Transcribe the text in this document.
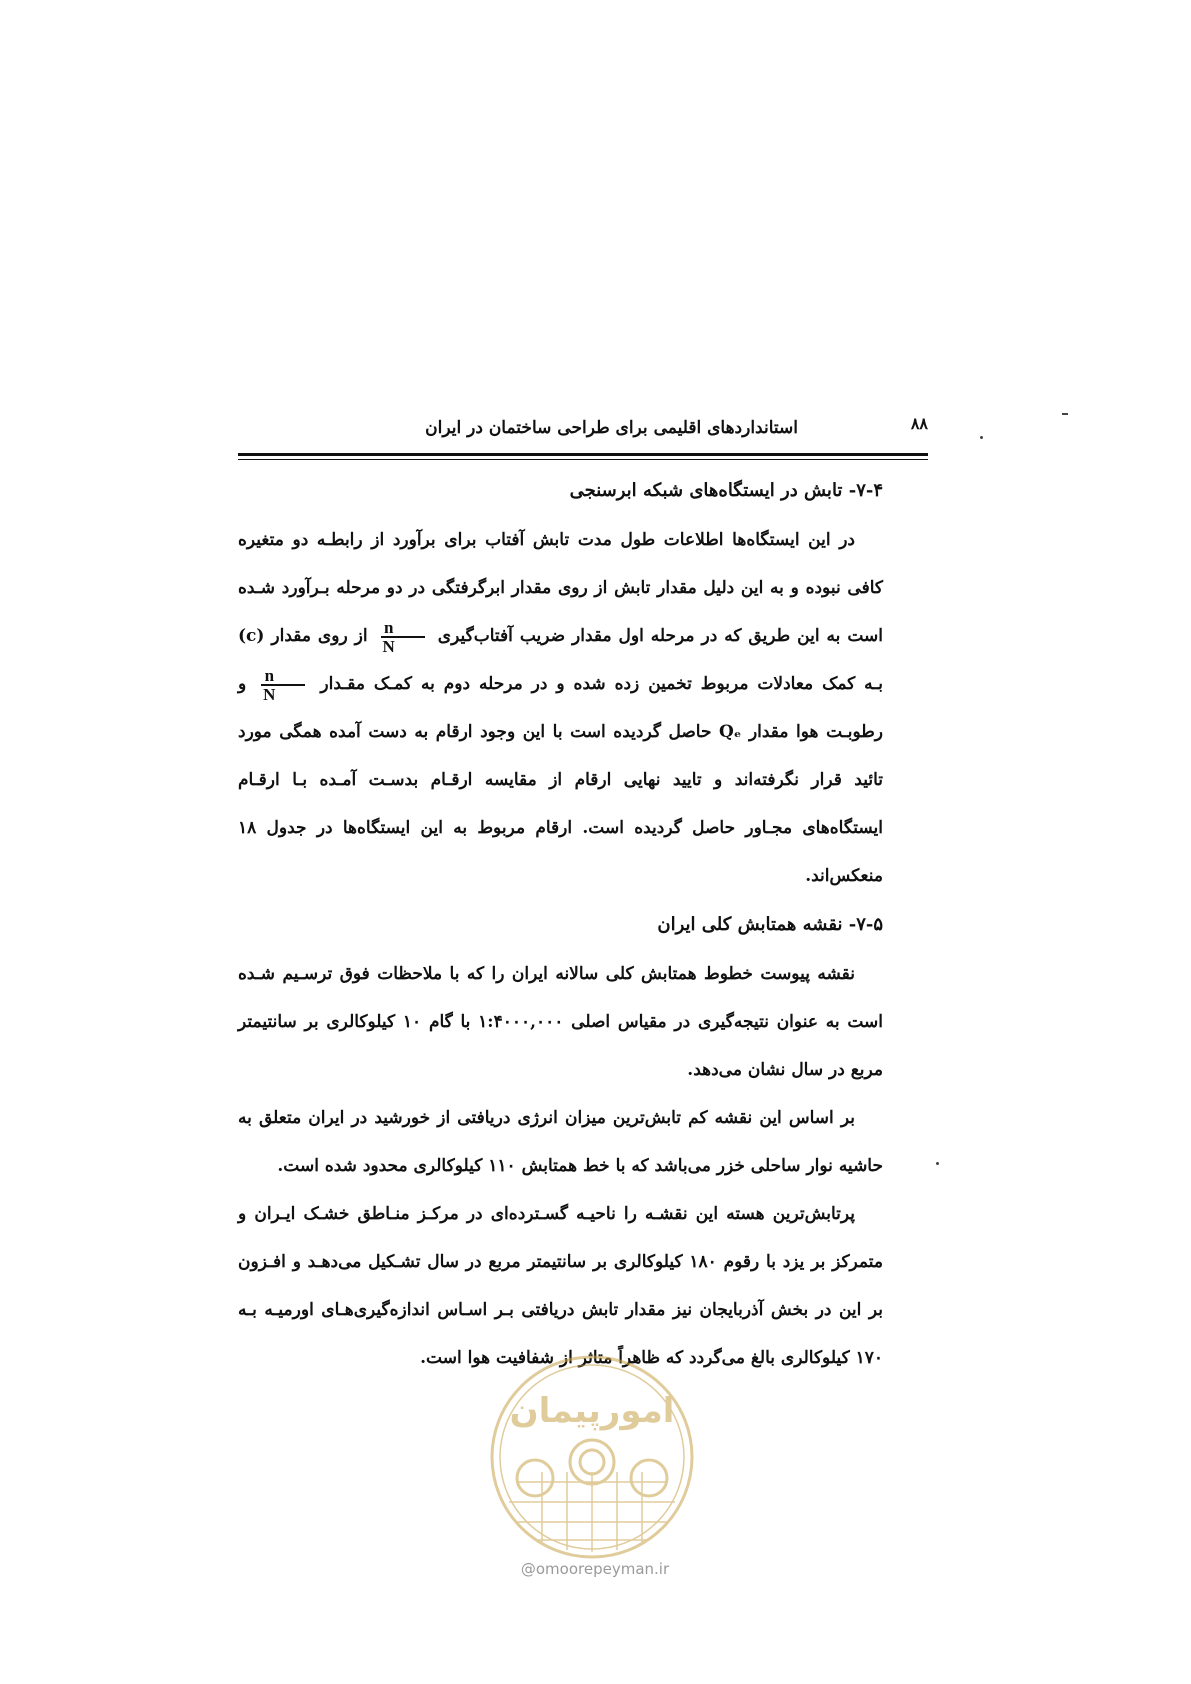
استانداردهای اقلیمی برای طراحی ساختمان در ایران	۸۸
۷-۴- تابش در ایستگاه‌های شبکه ابرسنجی

در این ایستگاه‌ها اطلاعات طول مدت تابش آفتاب برای برآورد از رابطـه دو متغیره کافی نبوده و به این دلیل مقدار تابش از روی مقدار ابرگرفتگی در دو مرحله بـرآورد شـده است به این طریق که در مرحله اول مقدار ضریب آفتاب‌گیری
$\frac{n}{N}$
از روی مقدار (c) بـه کمک معادلات مربوط تخمین زده شده و در مرحله دوم به کمـک مقـدار
$\frac{n}{N}$
و رطوبـت هوا مقدار Qₑ حاصل گردیده است با این وجود ارقام به دست آمده همگی مورد تائید قرار نگرفته‌اند و تایید نهایی ارقام از مقایسه ارقـام بدسـت آمـده بـا ارقـام ایستگاه‌های مجـاور حاصل گردیده است. ارقام مربوط به این ایستگاه‌ها در جدول ۱۸ منعکس‌اند.

۷-۵- نقشه همتابش کلی ایران

نقشه پیوست خطوط همتابش کلی سالانه ایران را که با ملاحظات فوق ترسـیم شـده است به عنوان نتیجه‌گیری در مقیاس اصلی ۱:۴۰۰۰,۰۰۰ با گام ۱۰ کیلوکالری بر سانتیمتر مربع در سال نشان می‌دهد.

بر اساس این نقشه کم تابش‌ترین میزان انرژی دریافتی از خورشید در ایران متعلق به حاشیه نوار ساحلی خزر می‌باشد که با خط همتابش ۱۱۰ کیلوکالری محدود شده است.

پرتابش‌ترین هسته این نقشـه را ناحیـه گسـترده‌ای در مرکـز منـاطق خشـک ایـران و متمرکز بر یزد با رقوم ۱۸۰ کیلوکالری بر سانتیمتر مربع در سال تشـکیل می‌دهـد و افـزون بر این در بخش آذربایجان نیز مقدار تابش دریافتی بـر اسـاس اندازه‌گیری‌هـای اورمیـه بـه ۱۷۰ کیلوکالری بالغ می‌گردد که ظاهراً متاثر از شفافیت هوا است.

امورپیمان
@omoorepeyman.ir
